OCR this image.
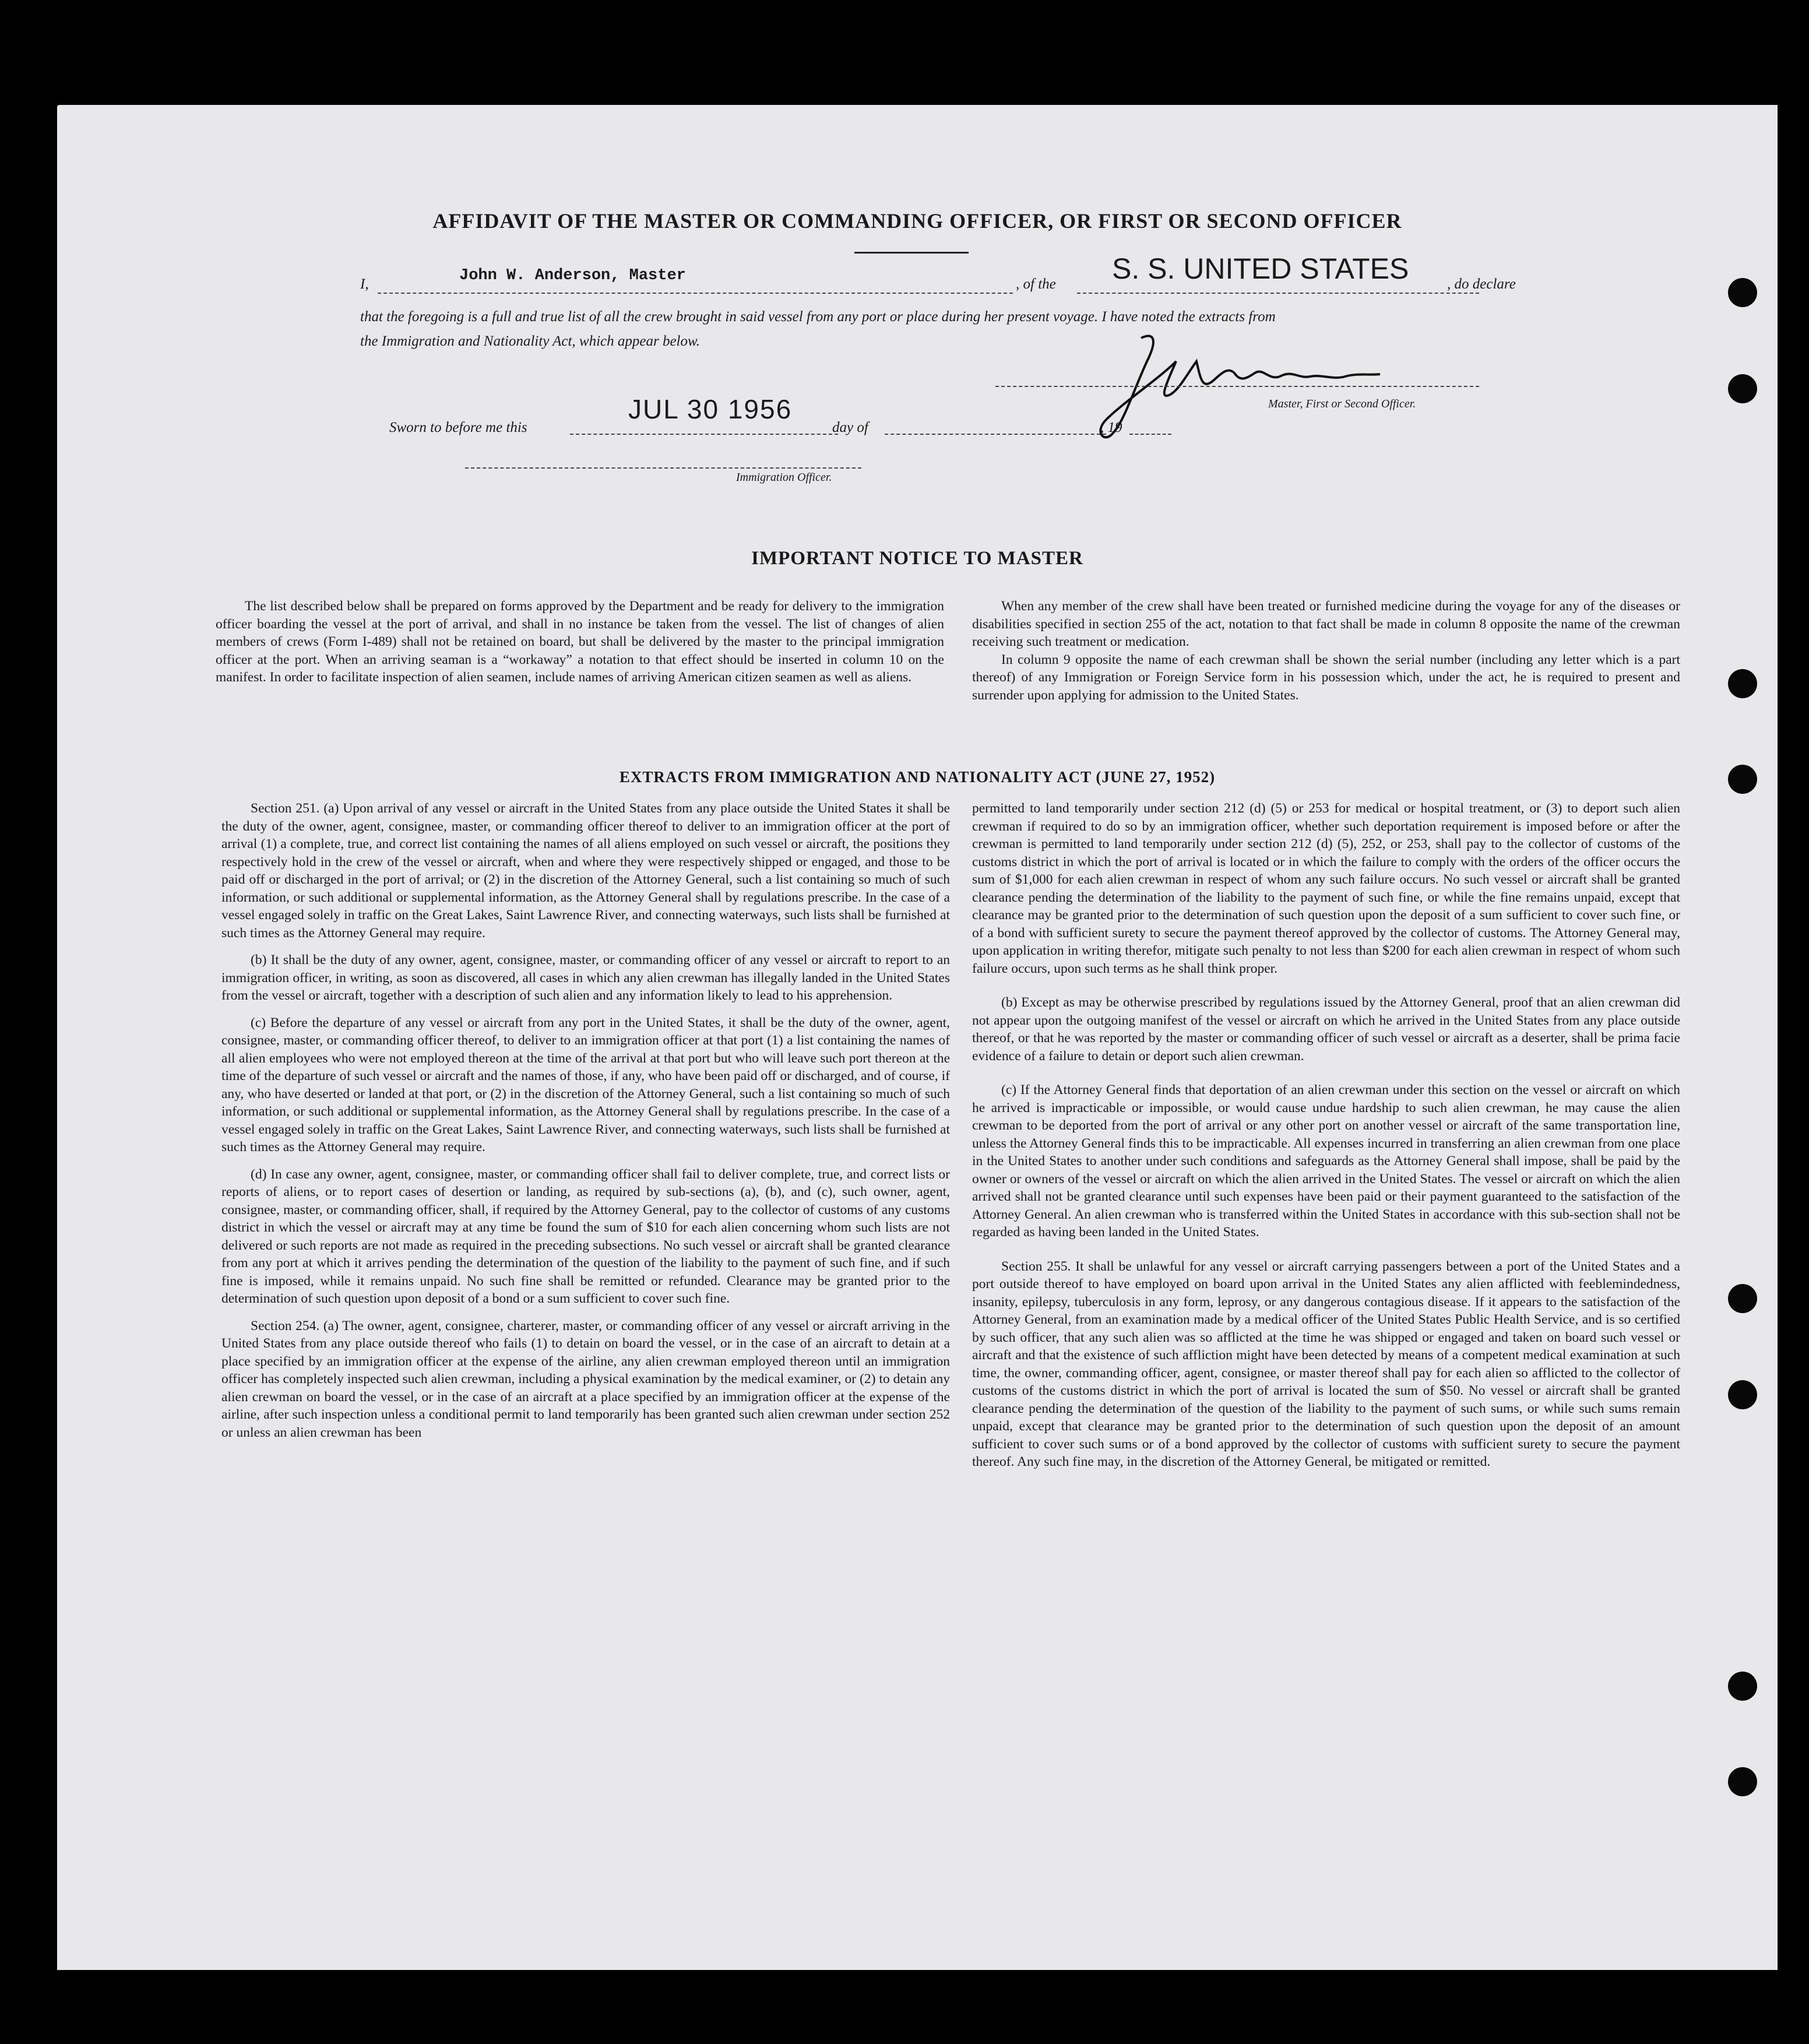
AFFIDAVIT OF THE MASTER OR COMMANDING OFFICER, OR FIRST OR SECOND OFFICER
I,	John W. Anderson, Master	, of the S. S. UNITED STATES	, do declare
that the foregoing is a full and true list of all the crew brought in said vessel from any port or place during her present voyage. I have noted the extracts from
the Immigration and Nationality Act, which appear below.
Master, First or Second Officer.
Sworn to before me this
JUL 30 1956
day of	, 19
Immigration Officer.
IMPORTANT NOTICE TO MASTER

The list described below shall be prepared on forms approved by the Department and be ready for delivery to the immigration officer boarding the vessel at the port of arrival, and shall in no instance be taken from the vessel. The list of changes of alien members of crews (Form I-489) shall not be retained on board, but shall be delivered by the master to the principal immigration officer at the port. When an arriving seaman is a “workaway” a notation to that effect should be inserted in column 10 on the manifest. In order to facilitate inspection of alien seamen, include names of arriving American citizen seamen as well as aliens.

When any member of the crew shall have been treated or furnished medicine during the voyage for any of the diseases or disabilities specified in section 255 of the act, notation to that fact shall be made in column 8 opposite the name of the crewman receiving such treatment or medication.

In column 9 opposite the name of each crewman shall be shown the serial number (including any letter which is a part thereof) of any Immigration or Foreign Service form in his possession which, under the act, he is required to present and surrender upon applying for admission to the United States.

EXTRACTS FROM IMMIGRATION AND NATIONALITY ACT (JUNE 27, 1952)

Section 251. (a) Upon arrival of any vessel or aircraft in the United States from any place outside the United States it shall be the duty of the owner, agent, consignee, master, or commanding officer thereof to deliver to an immigration officer at the port of arrival (1) a complete, true, and correct list containing the names of all aliens employed on such vessel or aircraft, the positions they respectively hold in the crew of the vessel or aircraft, when and where they were respectively shipped or engaged, and those to be paid off or discharged in the port of arrival; or (2) in the discretion of the Attorney General, such a list containing so much of such information, or such additional or supplemental information, as the Attorney General shall by regulations prescribe. In the case of a vessel engaged solely in traffic on the Great Lakes, Saint Lawrence River, and connecting waterways, such lists shall be furnished at such times as the Attorney General may require.

(b) It shall be the duty of any owner, agent, consignee, master, or commanding officer of any vessel or aircraft to report to an immigration officer, in writing, as soon as discovered, all cases in which any alien crewman has illegally landed in the United States from the vessel or aircraft, together with a description of such alien and any information likely to lead to his apprehension.

(c) Before the departure of any vessel or aircraft from any port in the United States, it shall be the duty of the owner, agent, consignee, master, or commanding officer thereof, to deliver to an immigration officer at that port (1) a list containing the names of all alien employees who were not employed thereon at the time of the arrival at that port but who will leave such port thereon at the time of the departure of such vessel or aircraft and the names of those, if any, who have been paid off or discharged, and of course, if any, who have deserted or landed at that port, or (2) in the discretion of the Attorney General, such a list containing so much of such information, or such additional or supplemental information, as the Attorney General shall by regulations prescribe. In the case of a vessel engaged solely in traffic on the Great Lakes, Saint Lawrence River, and connecting waterways, such lists shall be furnished at such times as the Attorney General may require.

(d) In case any owner, agent, consignee, master, or commanding officer shall fail to deliver complete, true, and correct lists or reports of aliens, or to report cases of desertion or landing, as required by sub-sections (a), (b), and (c), such owner, agent, consignee, master, or commanding officer, shall, if required by the Attorney General, pay to the collector of customs of any customs district in which the vessel or aircraft may at any time be found the sum of $10 for each alien concerning whom such lists are not delivered or such reports are not made as required in the preceding subsections. No such vessel or aircraft shall be granted clearance from any port at which it arrives pending the determination of the question of the liability to the payment of such fine, and if such fine is imposed, while it remains unpaid. No such fine shall be remitted or refunded. Clearance may be granted prior to the determination of such question upon deposit of a bond or a sum sufficient to cover such fine.

Section 254. (a) The owner, agent, consignee, charterer, master, or commanding officer of any vessel or aircraft arriving in the United States from any place outside thereof who fails (1) to detain on board the vessel, or in the case of an aircraft to detain at a place specified by an immigration officer at the expense of the airline, any alien crewman employed thereon until an immigration officer has completely inspected such alien crewman, including a physical examination by the medical examiner, or (2) to detain any alien crewman on board the vessel, or in the case of an aircraft at a place specified by an immigration officer at the expense of the airline, after such inspection unless a conditional permit to land temporarily has been granted such alien crewman under section 252 or unless an alien crewman has been

permitted to land temporarily under section 212 (d) (5) or 253 for medical or hospital treatment, or (3) to deport such alien crewman if required to do so by an immigration officer, whether such deportation requirement is imposed before or after the crewman is permitted to land temporarily under section 212 (d) (5), 252, or 253, shall pay to the collector of customs of the customs district in which the port of arrival is located or in which the failure to comply with the orders of the officer occurs the sum of $1,000 for each alien crewman in respect of whom any such failure occurs. No such vessel or aircraft shall be granted clearance pending the determination of the liability to the payment of such fine, or while the fine remains unpaid, except that clearance may be granted prior to the determination of such question upon the deposit of a sum sufficient to cover such fine, or of a bond with sufficient surety to secure the payment thereof approved by the collector of customs. The Attorney General may, upon application in writing therefor, mitigate such penalty to not less than $200 for each alien crewman in respect of whom such failure occurs, upon such terms as he shall think proper.

(b) Except as may be otherwise prescribed by regulations issued by the Attorney General, proof that an alien crewman did not appear upon the outgoing manifest of the vessel or aircraft on which he arrived in the United States from any place outside thereof, or that he was reported by the master or commanding officer of such vessel or aircraft as a deserter, shall be prima facie evidence of a failure to detain or deport such alien crewman.

(c) If the Attorney General finds that deportation of an alien crewman under this section on the vessel or aircraft on which he arrived is impracticable or impossible, or would cause undue hardship to such alien crewman, he may cause the alien crewman to be deported from the port of arrival or any other port on another vessel or aircraft of the same transportation line, unless the Attorney General finds this to be impracticable. All expenses incurred in transferring an alien crewman from one place in the United States to another under such conditions and safeguards as the Attorney General shall impose, shall be paid by the owner or owners of the vessel or aircraft on which the alien arrived in the United States. The vessel or aircraft on which the alien arrived shall not be granted clearance until such expenses have been paid or their payment guaranteed to the satisfaction of the Attorney General. An alien crewman who is transferred within the United States in accordance with this sub-section shall not be regarded as having been landed in the United States.

Section 255. It shall be unlawful for any vessel or aircraft carrying passengers between a port of the United States and a port outside thereof to have employed on board upon arrival in the United States any alien afflicted with feeblemindedness, insanity, epilepsy, tuberculosis in any form, leprosy, or any dangerous contagious disease. If it appears to the satisfaction of the Attorney General, from an examination made by a medical officer of the United States Public Health Service, and is so certified by such officer, that any such alien was so afflicted at the time he was shipped or engaged and taken on board such vessel or aircraft and that the existence of such affliction might have been detected by means of a competent medical examination at such time, the owner, commanding officer, agent, consignee, or master thereof shall pay for each alien so afflicted to the collector of customs of the customs district in which the port of arrival is located the sum of $50. No vessel or aircraft shall be granted clearance pending the determination of the question of the liability to the payment of such sums, or while such sums remain unpaid, except that clearance may be granted prior to the determination of such question upon the deposit of an amount sufficient to cover such sums or of a bond approved by the collector of customs with sufficient surety to secure the payment thereof. Any such fine may, in the discretion of the Attorney General, be mitigated or remitted.
